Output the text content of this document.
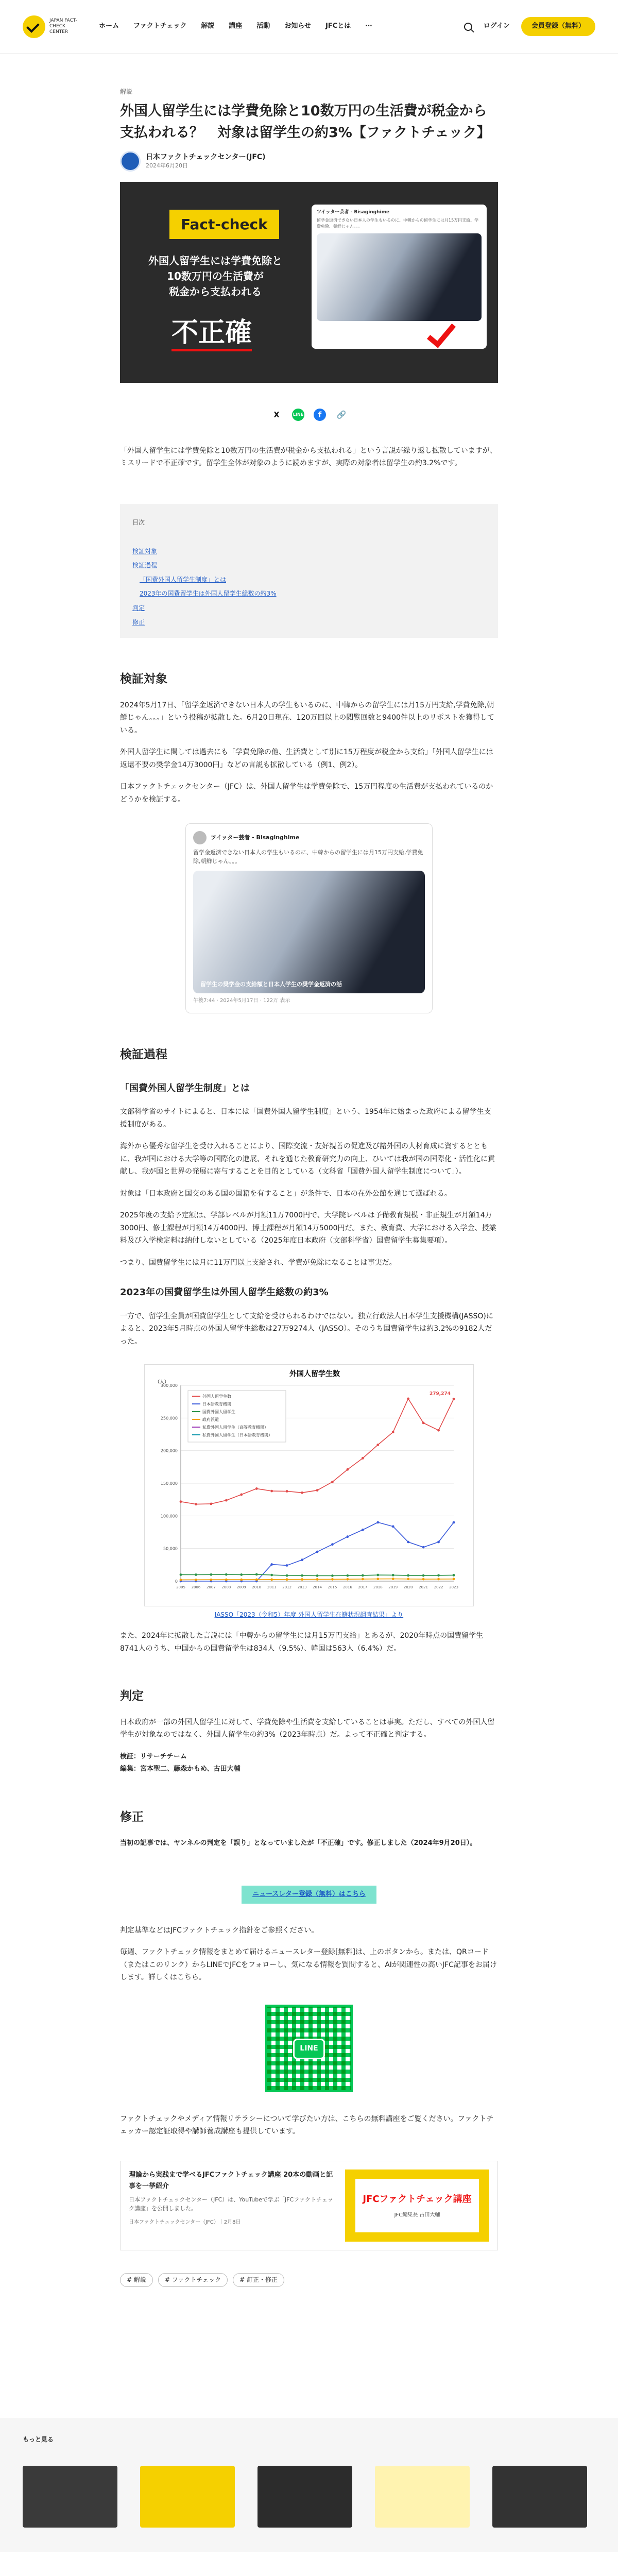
JAPAN FACT-CHECK CENTER
ホーム ファクトチェック 解説 講座 活動 お知らせ JFCとは ⋯	ログイン	会員登録（無料）
解説
外国人留学生には学費免除と10数万円の生活費が税金から支払われる？　対象は留学生の約3%【ファクトチェック】
日本ファクトチェックセンター(JFC)
2024年6月20日
Fact-check
外国人留学生には学費免除と
10数万円の生活費が
税金から支払われる
不正確
ツイッター芸者 - Bisaginghime
留学金返済できない日本人の学生もいるのに、中韓からの留学生には月15万円支給、学費免除、朝鮮じゃん。。。
X	LINE	f	🔗

「外国人留学生には学費免除と10数万円の生活費が税金から支払われる」という言説が繰り返し拡散していますが、ミスリードで不正確です。留学生全体が対象のように読めますが、実際の対象者は留学生の約3.2%です。

目次
検証対象
検証過程
「国費外国人留学生制度」とは
2023年の国費留学生は外国人留学生総数の約3%
判定
修正
検証対象

2024年5月17日、「留学金返済できない日本人の学生もいるのに、中韓からの留学生には月15万円支給,学費免除,朝鮮じゃん。。。」という投稿が拡散した。6月20日現在、120万回以上の閲覧回数と9400件以上のリポストを獲得している。

外国人留学生に関しては過去にも「学費免除の他、生活費として別に15万程度が税金から支給」「外国人留学生には返還不要の奨学金14万3000円」などの言説も拡散している（例1、例2）。

日本ファクトチェックセンター（JFC）は、外国人留学生は学費免除で、15万円程度の生活費が支払われているのかどうかを検証する。

ツイッター芸者 - Bisaginghime
留学金返済できない日本人の学生もいるのに、中韓からの留学生には月15万円支給,学費免除,朝鮮じゃん。。。
留学生の奨学金の支給額と日本人学生の奨学金返済の話
午後7:44 · 2024年5月17日 · 122万 表示
検証過程
「国費外国人留学生制度」とは

文部科学省のサイトによると、日本には「国費外国人留学生制度」という、1954年に始まった政府による留学生支援制度がある。

海外から優秀な留学生を受け入れることにより、国際交流・友好親善の促進及び諸外国の人材育成に資するとともに、我が国における大学等の国際化の進展、それを通じた教育研究力の向上、ひいては我が国の国際化・活性化に貢献し、我が国と世界の発展に寄与することを目的としている（文科省「国費外国人留学生制度について」）。

対象は「日本政府と国交のある国の国籍を有すること」が条件で、日本の在外公館を通じて選ばれる。

2025年度の支給予定額は、学部レベルが月額11万7000円で、大学院レベルは予備教育規模・非正規生が月額14万3000円、修士課程が月額14万4000円、博士課程が月額14万5000円だ。また、教育費、大学における入学金、授業料及び入学検定料は納付しないとしている（2025年度日本政府（文部科学省）国費留学生募集要項）。

つまり、国費留学生には月に11万円以上支給され、学費が免除になることは事実だ。

2023年の国費留学生は外国人留学生総数の約3%

一方で、留学生全員が国費留学生として支給を受けられるわけではない。独立行政法人日本学生支援機構(JASSO)によると、2023年5月時点の外国人留学生総数は27万9274人（JASSO）。そのうち国費留学生は約3.2%の9182人だった。

外国人留学生数
（人）
0
50,000
100,000
150,000
200,000
250,000
300,000
2005 2006 2007 2008 2009 2010 2011 2012 2013 2014 2015 2016 2017 2018 2019 2020 2021 2022 2023
279,274
外国人留学生数
日本語教育機関
国費外国人留学生
政府派遣
私費外国人留学生（高等教育機関）
私費外国人留学生（日本語教育機関）
JASSO「2023（令和5）年度 外国人留学生在籍状況調査結果」より

また、2024年に拡散した言説には「中韓からの留学生には月15万円支給」とあるが、2020年時点の国費留学生8741人のうち、中国からの国費留学生は834人（9.5%）、韓国は563人（6.4%）だ。

判定

日本政府が一部の外国人留学生に対して、学費免除や生活費を支給していることは事実。ただし、すべての外国人留学生が対象なのではなく、外国人留学生の約3%（2023年時点）だ。よって不正確と判定する。

検証：リサーチチーム
編集：宮本聖二、藤森かもめ、古田大輔
修正

当初の記事では、ヤンネルの判定を「誤り」となっていましたが「不正確」です。修正しました（2024年9月20日）。

ニュースレター登録（無料）はこちら

判定基準などはJFCファクトチェック指針をご参照ください。

毎週、ファクトチェック情報をまとめて届けるニュースレター登録[無料]は、上のボタンから。または、QRコード（またはこのリンク）からLINEでJFCをフォローし、気になる情報を質問すると、AIが関連性の高いJFC記事をお届けします。詳しくはこちら。

LINE

ファクトチェックやメディア情報リテラシーについて学びたい方は、こちらの無料講座をご覧ください。ファクトチェッカー認定証取得や講師養成講座も提供しています。

理論から実践まで学べるJFCファクトチェック講座 20本の動画と記事を一挙紹介
日本ファクトチェックセンター（JFC）は、YouTubeで学ぶ「JFCファクトチェック講座」を公開しました。
日本ファクトチェックセンター（JFC）｜2月8日
JFCファクトチェック講座
JFC編集長 古田大輔
# 解説	# ファクトチェック	# 訂正・修正
もっと見る
